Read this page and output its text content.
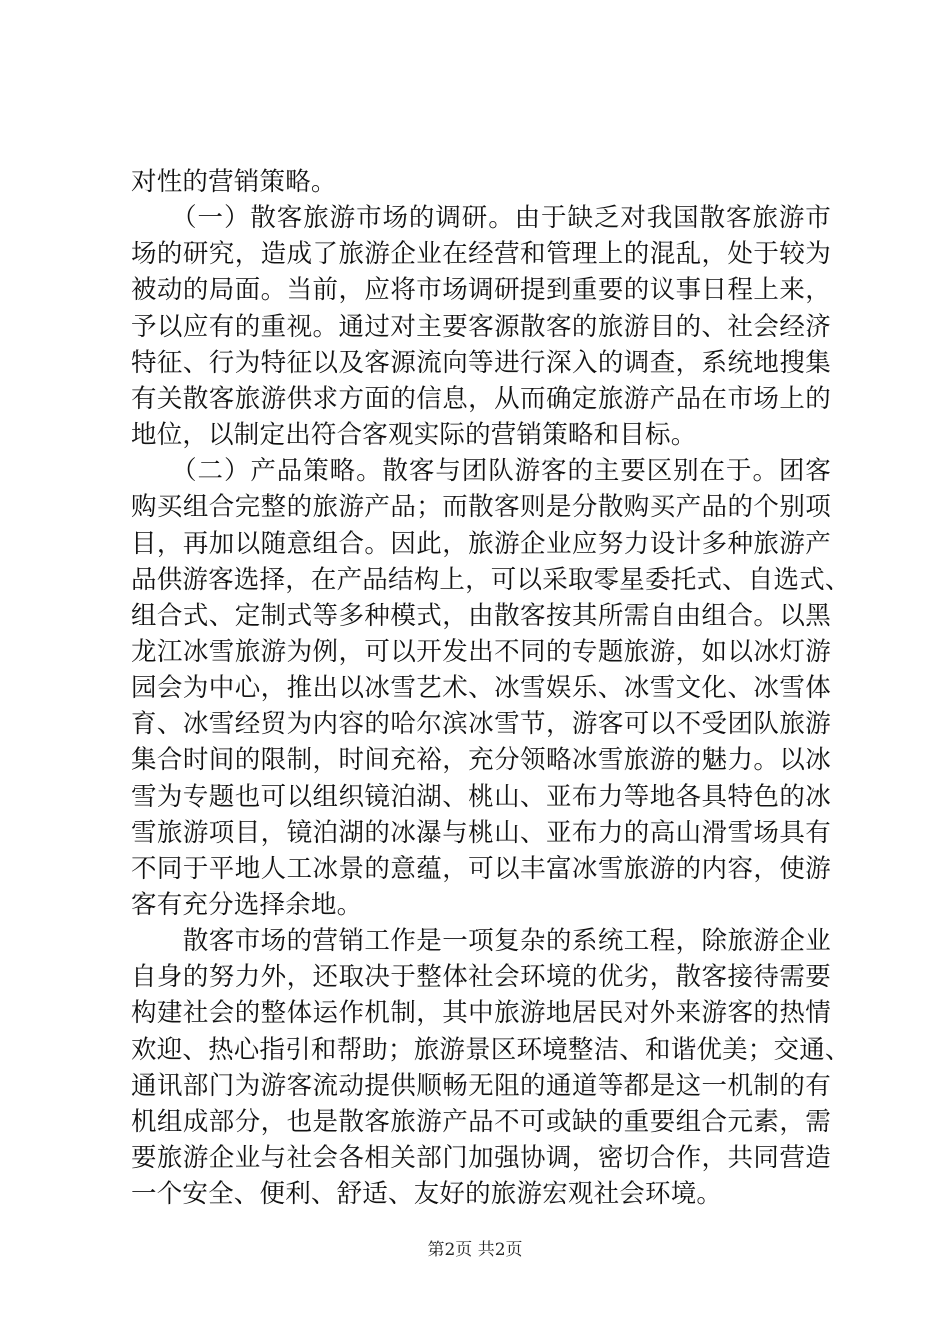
对性的营销策略。
　　（一）散客旅游市场的调研。由于缺乏对我国散客旅游市
场的研究，造成了旅游企业在经营和管理上的混乱，处于较为
被动的局面。当前，应将市场调研提到重要的议事日程上来，
予以应有的重视。通过对主要客源散客的旅游目的、社会经济
特征、行为特征以及客源流向等进行深入的调查，系统地搜集
有关散客旅游供求方面的信息，从而确定旅游产品在市场上的
地位，以制定出符合客观实际的营销策略和目标。
　　（二）产品策略。散客与团队游客的主要区别在于。团客
购买组合完整的旅游产品；而散客则是分散购买产品的个别项
目，再加以随意组合。因此，旅游企业应努力设计多种旅游产
品供游客选择，在产品结构上，可以采取零星委托式、自选式、
组合式、定制式等多种模式，由散客按其所需自由组合。以黑
龙江冰雪旅游为例，可以开发出不同的专题旅游，如以冰灯游
园会为中心，推出以冰雪艺术、冰雪娱乐、冰雪文化、冰雪体
育、冰雪经贸为内容的哈尔滨冰雪节，游客可以不受团队旅游
集合时间的限制，时间充裕，充分领略冰雪旅游的魅力。以冰
雪为专题也可以组织镜泊湖、桃山、亚布力等地各具特色的冰
雪旅游项目，镜泊湖的冰瀑与桃山、亚布力的高山滑雪场具有
不同于平地人工冰景的意蕴，可以丰富冰雪旅游的内容，使游
客有充分选择余地。
　　散客市场的营销工作是一项复杂的系统工程，除旅游企业
自身的努力外，还取决于整体社会环境的优劣，散客接待需要
构建社会的整体运作机制，其中旅游地居民对外来游客的热情
欢迎、热心指引和帮助；旅游景区环境整洁、和谐优美；交通、
通讯部门为游客流动提供顺畅无阻的通道等都是这一机制的有
机组成部分，也是散客旅游产品不可或缺的重要组合元素，需
要旅游企业与社会各相关部门加强协调，密切合作，共同营造
一个安全、便利、舒适、友好的旅游宏观社会环境。
第2页 共2页
